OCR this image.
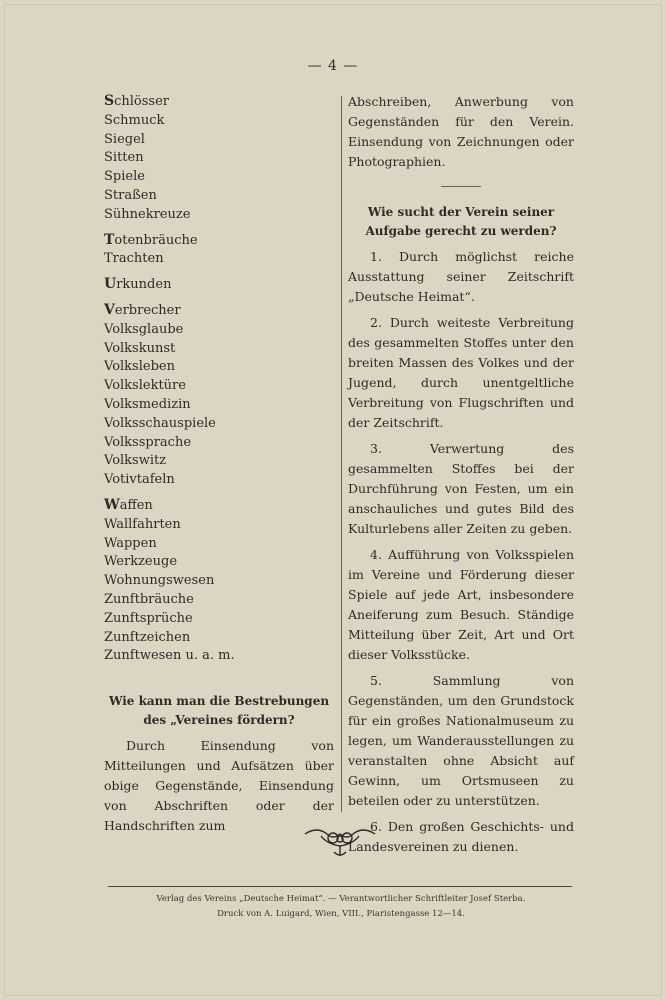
— 4 —
Schlösser
Schmuck
Siegel
Sitten
Spiele
Straßen
Sühnekreuze
Totenbräuche
Trachten
Urkunden
Verbrecher
Volksglaube
Volkskunst
Volksleben
Volkslektüre
Volksmedizin
Volksschauspiele
Volkssprache
Volkswitz
Votivtafeln
Waffen
Wallfahrten
Wappen
Werkzeuge
Wohnungswesen
Zunftbräuche
Zunftsprüche
Zunftzeichen
Zunftwesen u. a. m.

Wie kann man die Bestrebungen des „Vereines fördern?

Durch Einsendung von Mitteilungen und Aufsätzen über obige Gegenstände, Einsendung von Abschriften oder der Handschriften zum

Abschreiben, Anwerbung von Gegenständen für den Verein. Einsendung von Zeichnungen oder Photographien.

Wie sucht der Verein seiner Aufgabe gerecht zu werden?

1. Durch möglichst reiche Ausstattung seiner Zeitschrift „Deutsche Heimat“.

2. Durch weiteste Verbreitung des gesammelten Stoffes unter den breiten Massen des Volkes und der Jugend, durch unentgeltliche Verbreitung von Flugschriften und der Zeitschrift.

3. Verwertung des gesammelten Stoffes bei der Durchführung von Festen, um ein anschauliches und gutes Bild des Kulturlebens aller Zeiten zu geben.

4. Aufführung von Volksspielen im Vereine und Förderung dieser Spiele auf jede Art, insbesondere Aneiferung zum Besuch. Ständige Mitteilung über Zeit, Art und Ort dieser Volksstücke.

5. Sammlung von Gegenständen, um den Grundstock für ein großes Nationalmuseum zu legen, um Wanderausstellungen zu veranstalten ohne Absicht auf Gewinn, um Ortsmuseen zu beteilen oder zu unterstützen.

6. Den großen Geschichts- und Landesvereinen zu dienen.

Verlag des Vereins „Deutsche Heimat“. — Verantwortlicher Schriftleiter Josef Sterba.
Druck von A. Luigard, Wien, VIII., Piaristengasse 12—14.
